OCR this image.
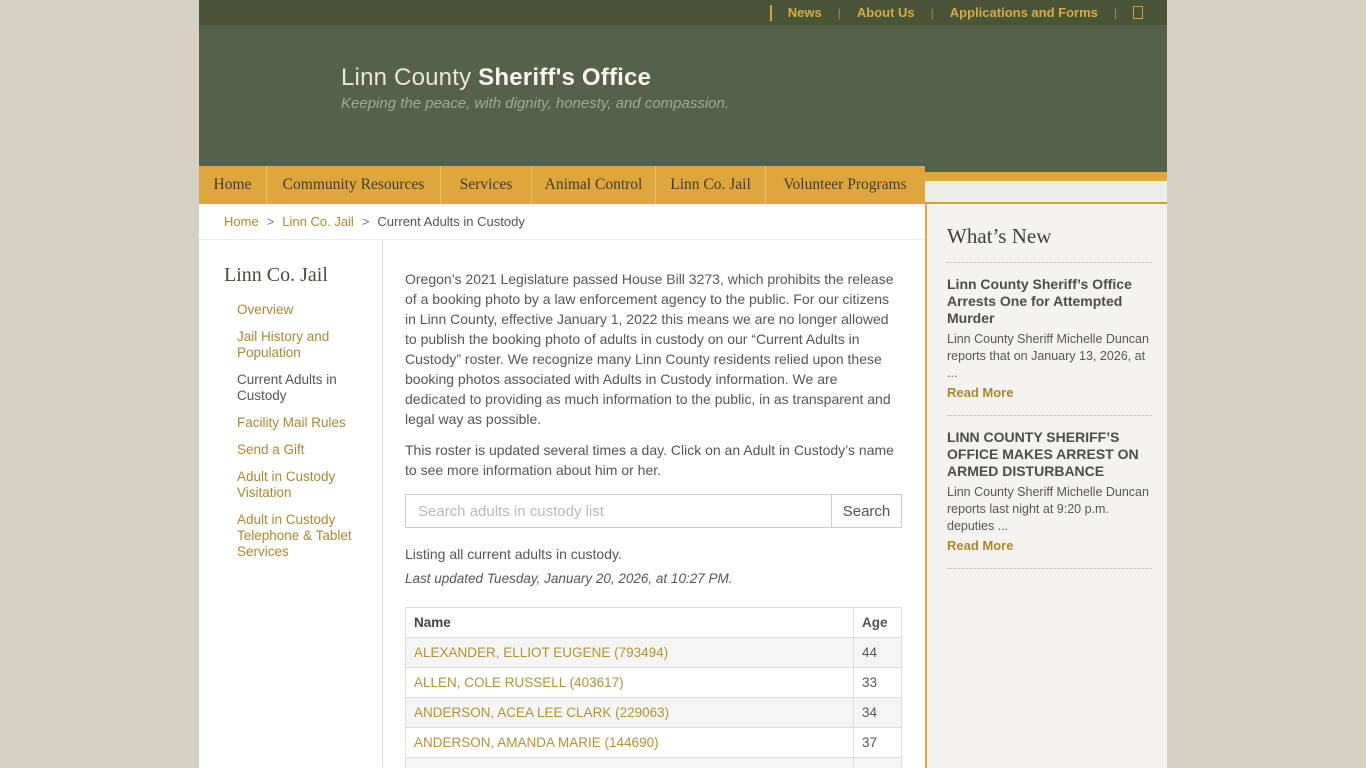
News | About Us | Applications and Forms |
Linn County Sheriff's Office
Keeping the peace, with dignity, honesty, and compassion.
Home	Community Resources	Services	Animal Control	Linn Co. Jail	Volunteer Programs
Home > Linn Co. Jail > Current Adults in Custody
Linn Co. Jail
Overview
Jail History and Population
Current Adults in Custody
Facility Mail Rules
Send a Gift
Adult in Custody Visitation
Adult in Custody Telephone & Tablet Services

Oregon’s 2021 Legislature passed House Bill 3273, which prohibits the release of a booking photo by a law enforcement agency to the public. For our citizens in Linn County, effective January 1, 2022 this means we are no longer allowed to publish the booking photo of adults in custody on our “Current Adults in Custody” roster. We recognize many Linn County residents relied upon these booking photos associated with Adults in Custody information. We are dedicated to providing as much information to the public, in as transparent and legal way as possible.

This roster is updated several times a day. Click on an Adult in Custody’s name to see more information about him or her.

Search adults in custody list
Search
Listing all current adults in custody.
Last updated Tuesday, January 20, 2026, at 10:27 PM.
Name	Age
ALEXANDER, ELLIOT EUGENE (793494)	44
ALLEN, COLE RUSSELL (403617)	33
ANDERSON, ACEA LEE CLARK (229063)	34
ANDERSON, AMANDA MARIE (144690)	37

What’s New
Linn County Sheriff’s Office Arrests One for Attempted Murder
Linn County Sheriff Michelle Duncan reports that on January 13, 2026, at ...
Read More
LINN COUNTY SHERIFF’S OFFICE MAKES ARREST ON ARMED DISTURBANCE
Linn County Sheriff Michelle Duncan reports last night at 9:20 p.m. deputies ...
Read More
